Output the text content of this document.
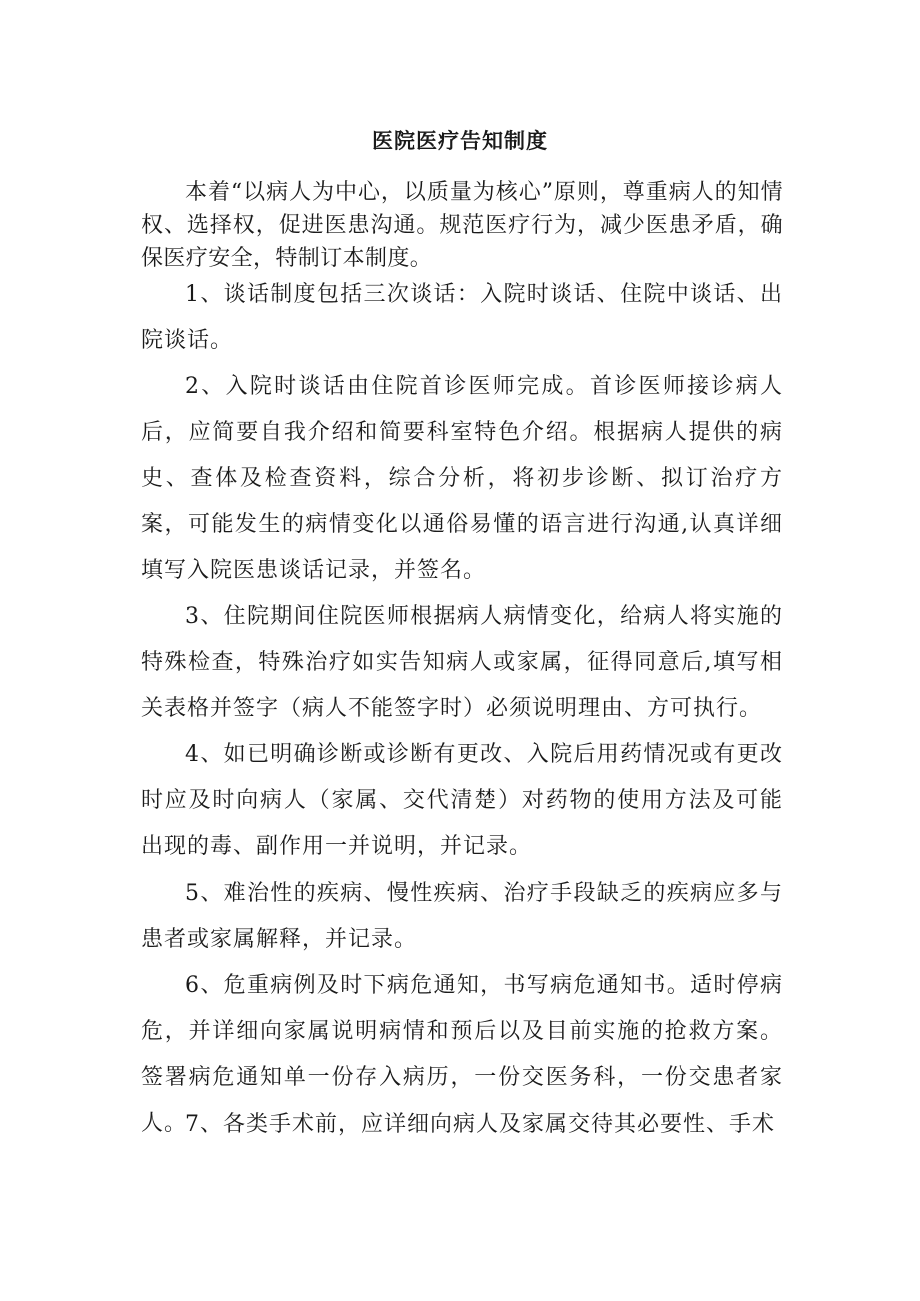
医院医疗告知制度

本着“以病人为中心，以质量为核心”原则，尊重病人的知情权、选择权，促进医患沟通。规范医疗行为，减少医患矛盾，确保医疗安全，特制订本制度。

1、谈话制度包括三次谈话：入院时谈话、住院中谈话、出院谈话。

2、入院时谈话由住院首诊医师完成。首诊医师接诊病人后，应简要自我介绍和简要科室特色介绍。根据病人提供的病史、查体及检查资料，综合分析，将初步诊断、拟订治疗方案，可能发生的病情变化以通俗易懂的语言进行沟通,认真详细填写入院医患谈话记录，并签名。

3、住院期间住院医师根据病人病情变化，给病人将实施的特殊检查，特殊治疗如实告知病人或家属，征得同意后,填写相关表格并签字（病人不能签字时）必须说明理由、方可执行。

4、如已明确诊断或诊断有更改、入院后用药情况或有更改时应及时向病人（家属、交代清楚）对药物的使用方法及可能出现的毒、副作用一并说明，并记录。

5、难治性的疾病、慢性疾病、治疗手段缺乏的疾病应多与患者或家属解释，并记录。

6、危重病例及时下病危通知，书写病危通知书。适时停病危，并详细向家属说明病情和预后以及目前实施的抢救方案。签署病危通知单一份存入病历，一份交医务科，一份交患者家人。

7、各类手术前，应详细向病人及家属交待其必要性、手术
